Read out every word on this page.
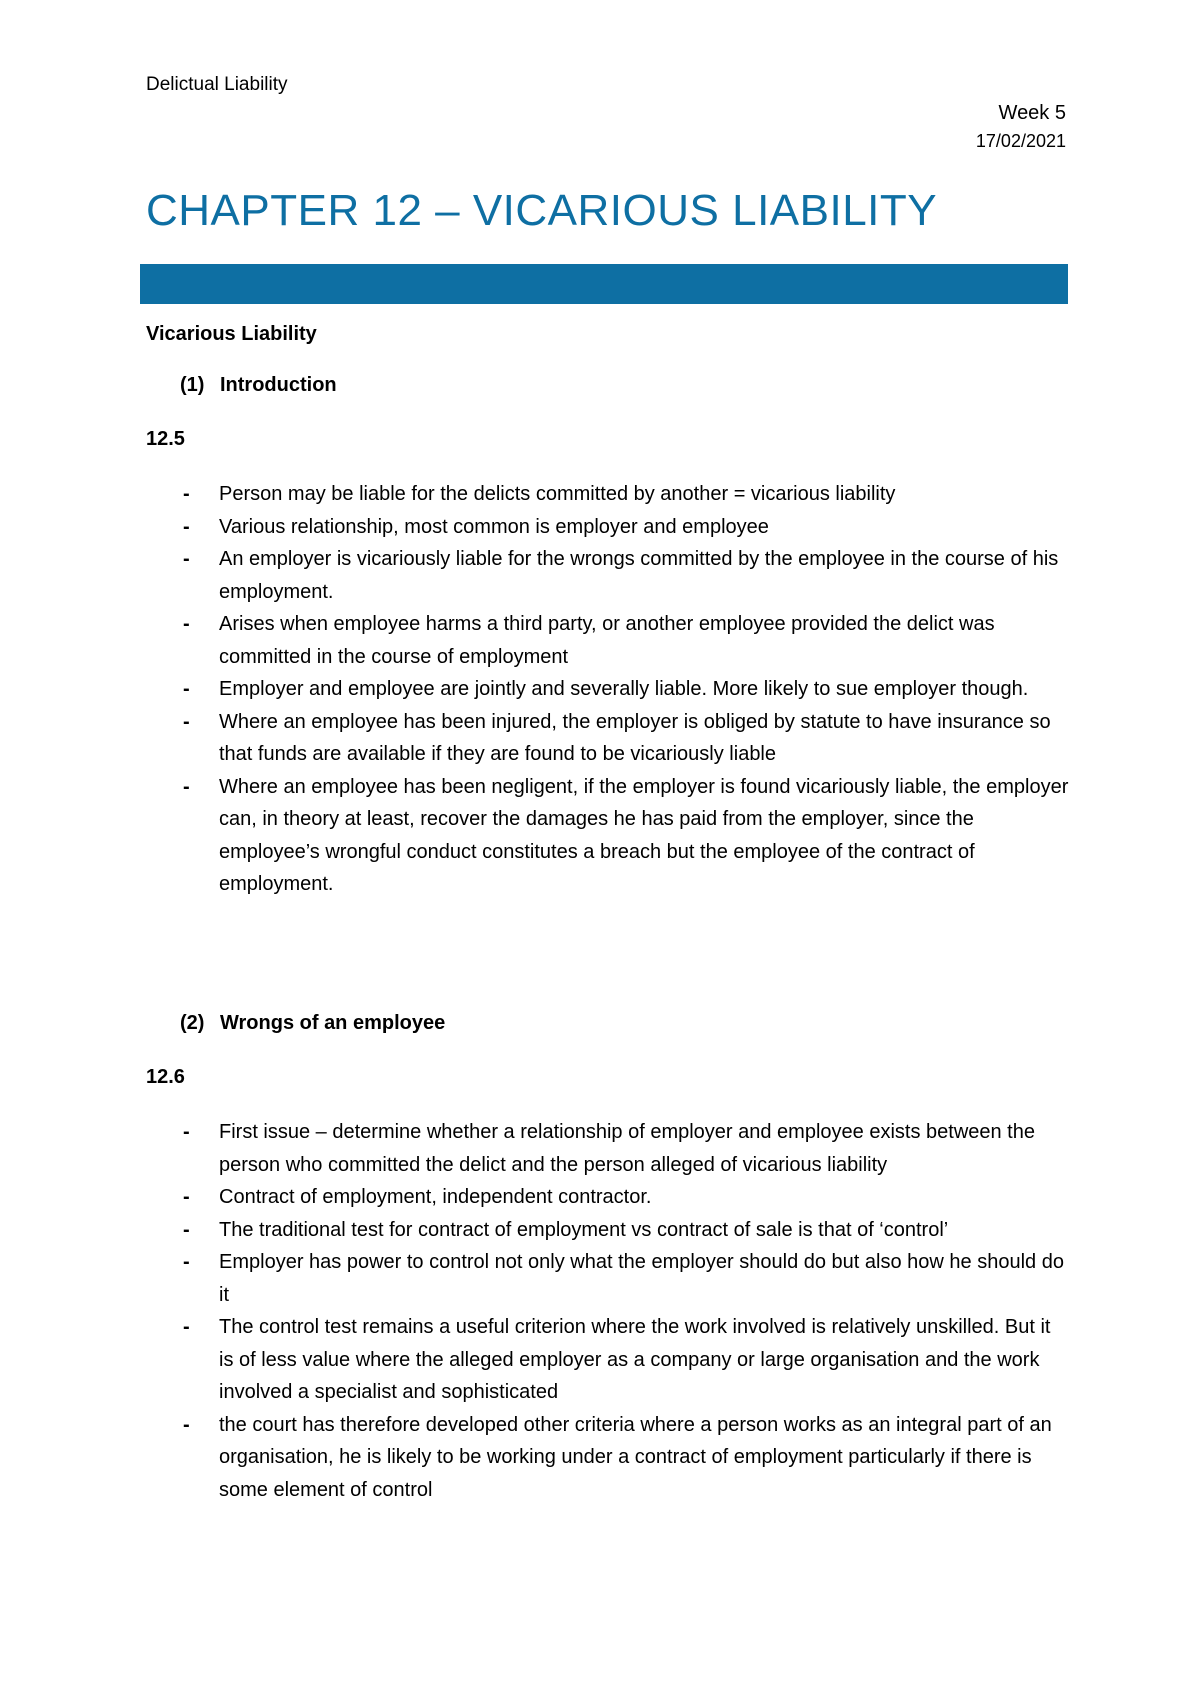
Delictual Liability
Week 5
17/02/2021
CHAPTER 12 – VICARIOUS LIABILITY
Vicarious Liability
(1) Introduction
12.5
- Person may be liable for the delicts committed by another = vicarious liability
- Various relationship, most common is employer and employee
- An employer is vicariously liable for the wrongs committed by the employee in the course of his employment.
- Arises when employee harms a third party, or another employee provided the delict was committed in the course of employment
- Employer and employee are jointly and severally liable. More likely to sue employer though.
- Where an employee has been injured, the employer is obliged by statute to have insurance so that funds are available if they are found to be vicariously liable
- Where an employee has been negligent, if the employer is found vicariously liable, the employer can, in theory at least, recover the damages he has paid from the employer, since the employee’s wrongful conduct constitutes a breach but the employee of the contract of employment.
(2) Wrongs of an employee
12.6
- First issue – determine whether a relationship of employer and employee exists between the person who committed the delict and the person alleged of vicarious liability
- Contract of employment, independent contractor.
- The traditional test for contract of employment vs contract of sale is that of ‘control’
- Employer has power to control not only what the employer should do but also how he should do it
- The control test remains a useful criterion where the work involved is relatively unskilled. But it is of less value where the alleged employer as a company or large organisation and the work involved a specialist and sophisticated
- the court has therefore developed other criteria where a person works as an integral part of an organisation, he is likely to be working under a contract of employment particularly if there is some element of control
